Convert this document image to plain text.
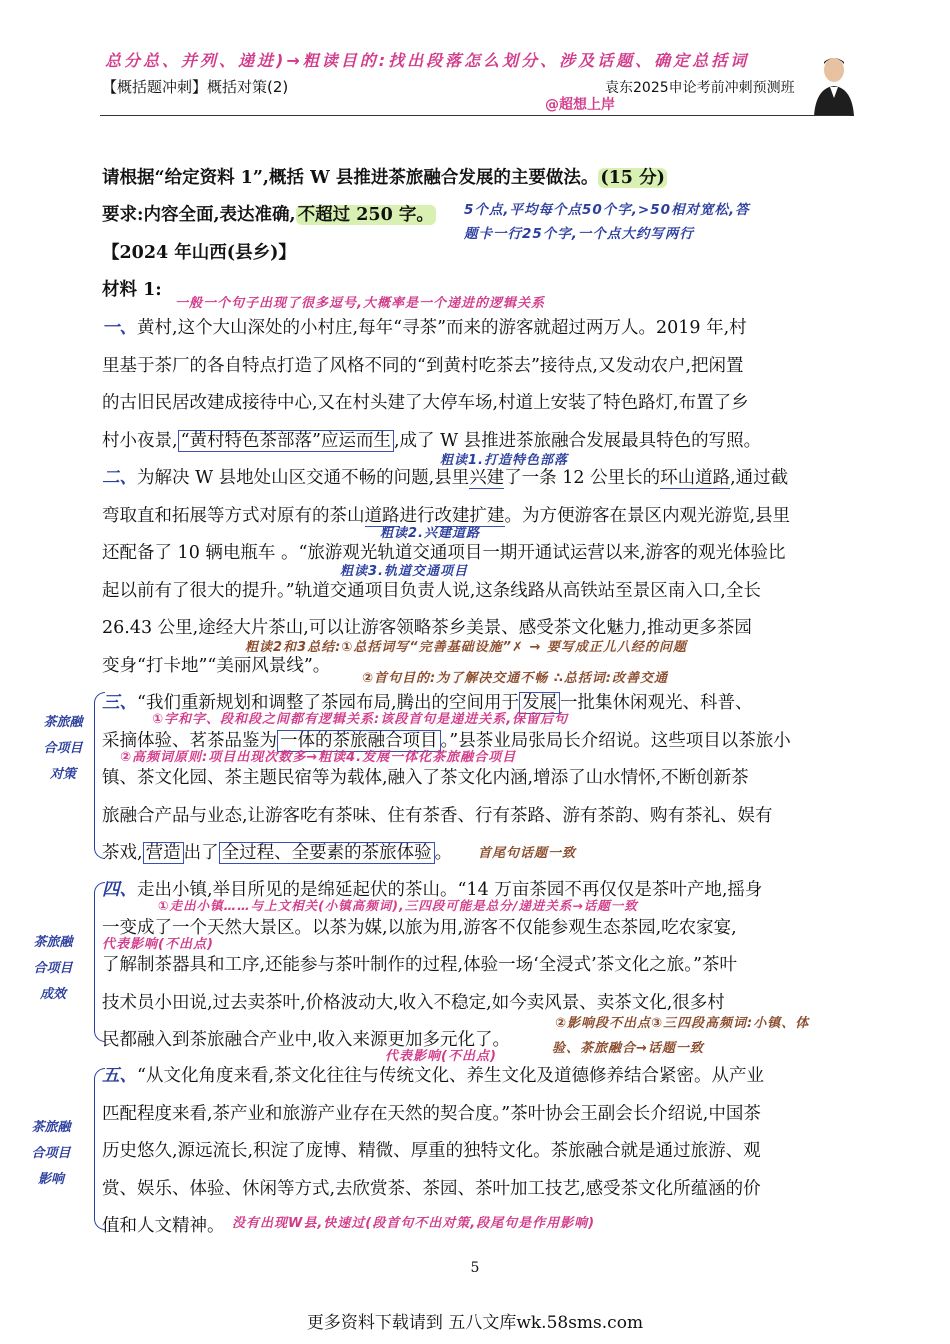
总分总、并列、递进)→粗读目的:找出段落怎么划分、涉及话题、确定总括词
【概括题冲刺】概括对策(2)	袁东2025申论考前冲刺预测班
@超想上岸
请根据“给定资料 1”,概括 W 县推进茶旅融合发展的主要做法。 (15 分)
要求:内容全面,表达准确, 不超过 250 字。 5个点,平均每个点50个字,>50相对宽松,答
题卡一行25个字,一个点大约写两行
【2024 年山西(县乡)】
材料 1:
一般一个句子出现了很多逗号,大概率是一个递进的逻辑关系
一、黄村,这个大山深处的小村庄,每年“寻茶”而来的游客就超过两万人。2019 年,村
里基于茶厂的各自特点打造了风格不同的“到黄村吃茶去”接待点,又发动农户,把闲置
的古旧民居改建成接待中心,又在村头建了大停车场,村道上安装了特色路灯,布置了乡
村小夜景, “黄村特色茶部落”应运而生 ,成了 W 县推进茶旅融合发展最具特色的写照。
粗读1.打造特色部落
二、为解决 W 县地处山区交通不畅的问题,县里兴建了一条 12 公里长的环山道路,通过截
弯取直和拓展等方式对原有的茶山道路进行改建扩建。为方便游客在景区内观光游览,县里
还配备了 10 辆电瓶车 。“旅游观光轨道交通项目一期开通试运营以来,游客的观光体验比
起以前有了很大的提升。”轨道交通项目负责人说,这条线路从高铁站至景区南入口,全长
26.43 公里,途经大片茶山,可以让游客领略茶乡美景、感受茶文化魅力,推动更多茶园
变身“打卡地”“美丽风景线”。
粗读2.兴建道路
粗读3.轨道交通项目
粗读2和3总结:①总括词写“完善基础设施”✗ → 要写成正儿八经的问题
②首句目的:为了解决交通不畅 ∴总括词:改善交通
茶旅融
合项目
对策
三、“我们重新规划和调整了茶园布局,腾出的空间用于 发展 一批集休闲观光、科普、
采摘体验、茗茶品鉴为 一体的茶旅融合项目 。”县茶业局张局长介绍说。这些项目以茶旅小
镇、茶文化园、茶主题民宿等为载体,融入了茶文化内涵,增添了山水情怀,不断创新茶
旅融合产品与业态,让游客吃有茶味、住有茶香、行有茶路、游有茶韵、购有茶礼、娱有
茶戏, 营造 出了 全过程、全要素的茶旅体验 。
①字和字、段和段之间都有逻辑关系:该段首句是递进关系,保留后句
②高频词原则:项目出现次数多→粗读4.发展一体化茶旅融合项目
首尾句话题一致
茶旅融
合项目
成效
四、走出小镇,举目所见的是绵延起伏的茶山。“14 万亩茶园不再仅仅是茶叶产地,摇身
一变成了一个天然大景区。以茶为媒,以旅为用,游客不仅能参观生态茶园,吃农家宴,
了解制茶器具和工序,还能参与茶叶制作的过程,体验一场‘全浸式’茶文化之旅。”茶叶
技术员小田说,过去卖茶叶,价格波动大,收入不稳定,如今卖风景、卖茶文化,很多村
民都融入到茶旅融合产业中,收入来源更加多元化了。
①走出小镇……与上文相关(小镇高频词),三四段可能是总分/递进关系→话题一致
代表影响(不出点)
②影响段不出点③三四段高频词:小镇、体
验、茶旅融合→话题一致
代表影响(不出点)
茶旅融
合项目
影响
五、“从文化角度来看,茶文化往往与传统文化、养生文化及道德修养结合紧密。从产业
匹配程度来看,茶产业和旅游产业存在天然的契合度。”茶叶协会王副会长介绍说,中国茶
历史悠久,源远流长,积淀了庞博、精微、厚重的独特文化。茶旅融合就是通过旅游、观
赏、娱乐、体验、休闲等方式,去欣赏茶、茶园、茶叶加工技艺,感受茶文化所蕴涵的价
值和人文精神。 没有出现W县,快速过(段首句不出对策,段尾句是作用影响)
5
更多资料下载请到 五八文库wk.58sms.com
